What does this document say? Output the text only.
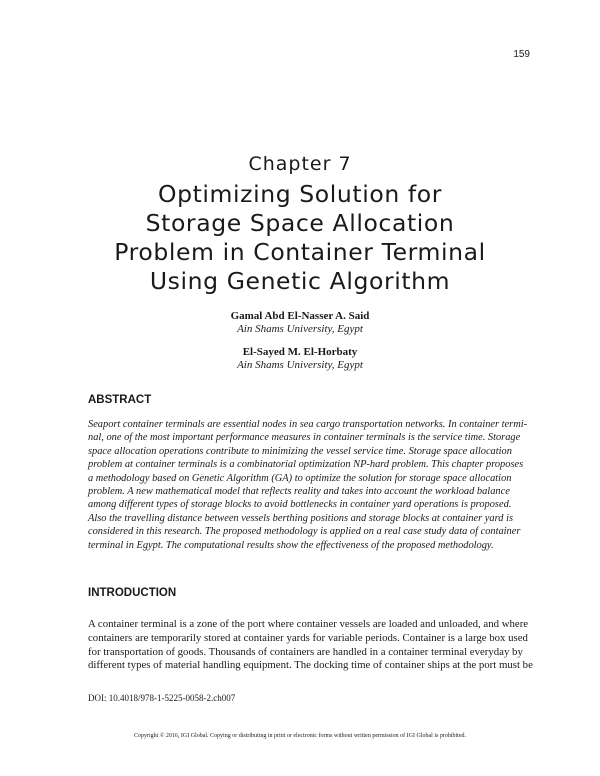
159
Chapter 7
Optimizing Solution for
Storage Space Allocation
Problem in Container Terminal
Using Genetic Algorithm
Gamal Abd El-Nasser A. Said
Ain Shams University, Egypt
El-Sayed M. El-Horbaty
Ain Shams University, Egypt
ABSTRACT

Seaport container terminals are essential nodes in sea cargo transportation networks. In container termi-
nal, one of the most important performance measures in container terminals is the service time. Storage
space allocation operations contribute to minimizing the vessel service time. Storage space allocation
problem at container terminals is a combinatorial optimization NP-hard problem. This chapter proposes
a methodology based on Genetic Algorithm (GA) to optimize the solution for storage space allocation
problem. A new mathematical model that reflects reality and takes into account the workload balance
among different types of storage blocks to avoid bottlenecks in container yard operations is proposed.
Also the travelling distance between vessels berthing positions and storage blocks at container yard is
considered in this research. The proposed methodology is applied on a real case study data of container
terminal in Egypt. The computational results show the effectiveness of the proposed methodology.

INTRODUCTION

A container terminal is a zone of the port where container vessels are loaded and unloaded, and where
containers are temporarily stored at container yards for variable periods. Container is a large box used
for transportation of goods. Thousands of containers are handled in a container terminal everyday by
different types of material handling equipment. The docking time of container ships at the port must be

DOI: 10.4018/978-1-5225-0058-2.ch007
Copyright © 2016, IGI Global. Copying or distributing in print or electronic forms without written permission of IGI Global is prohibited.
